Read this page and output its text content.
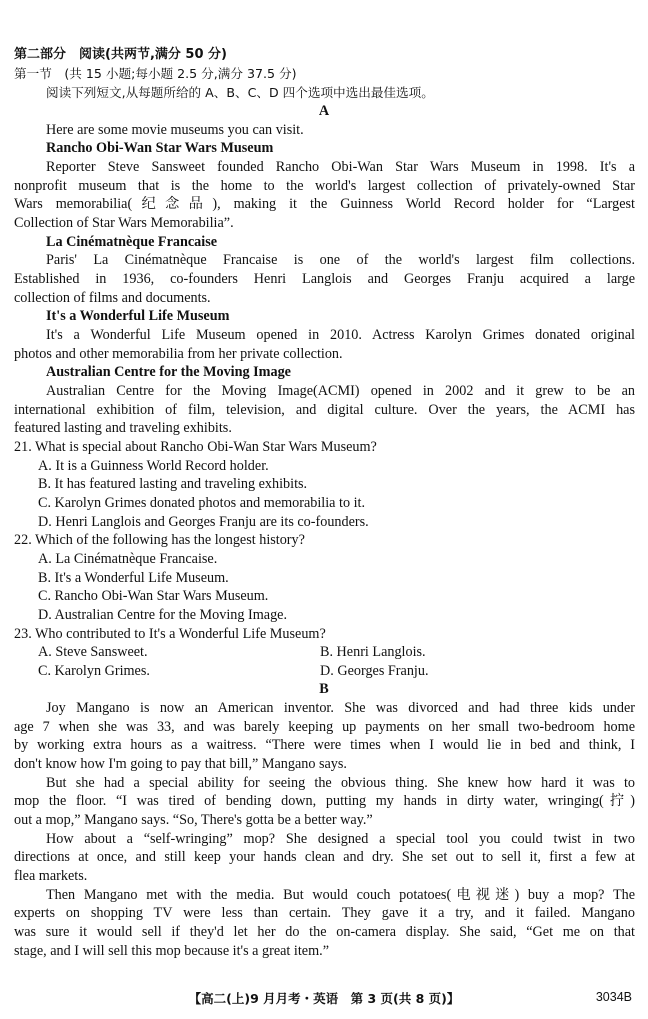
第二部分　阅读(共两节,满分 50 分)
第一节　(共 15 小题;每小题 2.5 分,满分 37.5 分)
阅读下列短文,从每题所给的 A、B、C、D 四个选项中选出最佳选项。
A
Here are some movie museums you can visit.
Rancho Obi-Wan Star Wars Museum
Reporter Steve Sansweet founded Rancho Obi-Wan Star Wars Museum in 1998. It's a
nonprofit museum that is the home to the world's largest collection of privately-owned Star
Wars memorabilia(纪念品), making it the Guinness World Record holder for “Largest
Collection of Star Wars Memorabilia”.
La Cinématnèque Francaise
Paris' La Cinématnèque Francaise is one of the world's largest film collections.
Established in 1936, co-founders Henri Langlois and Georges Franju acquired a large
collection of films and documents.
It's a Wonderful Life Museum
It's a Wonderful Life Museum opened in 2010. Actress Karolyn Grimes donated original
photos and other memorabilia from her private collection.
Australian Centre for the Moving Image
Australian Centre for the Moving Image(ACMI) opened in 2002 and it grew to be an
international exhibition of film, television, and digital culture. Over the years, the ACMI has
featured lasting and traveling exhibits.
21. What is special about Rancho Obi-Wan Star Wars Museum?
A. It is a Guinness World Record holder.
B. It has featured lasting and traveling exhibits.
C. Karolyn Grimes donated photos and memorabilia to it.
D. Henri Langlois and Georges Franju are its co-founders.
22. Which of the following has the longest history?
A. La Cinématnèque Francaise.
B. It's a Wonderful Life Museum.
C. Rancho Obi-Wan Star Wars Museum.
D. Australian Centre for the Moving Image.
23. Who contributed to It's a Wonderful Life Museum?
A. Steve Sansweet.	B. Henri Langlois.
C. Karolyn Grimes.	D. Georges Franju.
B
Joy Mangano is now an American inventor. She was divorced and had three kids under
age 7 when she was 33, and was barely keeping up payments on her small two-bedroom home
by working extra hours as a waitress. “There were times when I would lie in bed and think, I
don't know how I'm going to pay that bill,” Mangano says.
But she had a special ability for seeing the obvious thing. She knew how hard it was to
mop the floor. “I was tired of bending down, putting my hands in dirty water, wringing(拧)
out a mop,” Mangano says. “So, There's gotta be a better way.”
How about a “self-wringing” mop? She designed a special tool you could twist in two
directions at once, and still keep your hands clean and dry. She set out to sell it, first a few at
flea markets.
Then Mangano met with the media. But would couch potatoes(电视迷) buy a mop? The
experts on shopping TV were less than certain. They gave it a try, and it failed. Mangano
was sure it would sell if they'd let her do the on-camera display. She said, “Get me on that
stage, and I will sell this mop because it's a great item.”
【高二(上)9 月月考・英语　第 3 页(共 8 页)】	3034B
